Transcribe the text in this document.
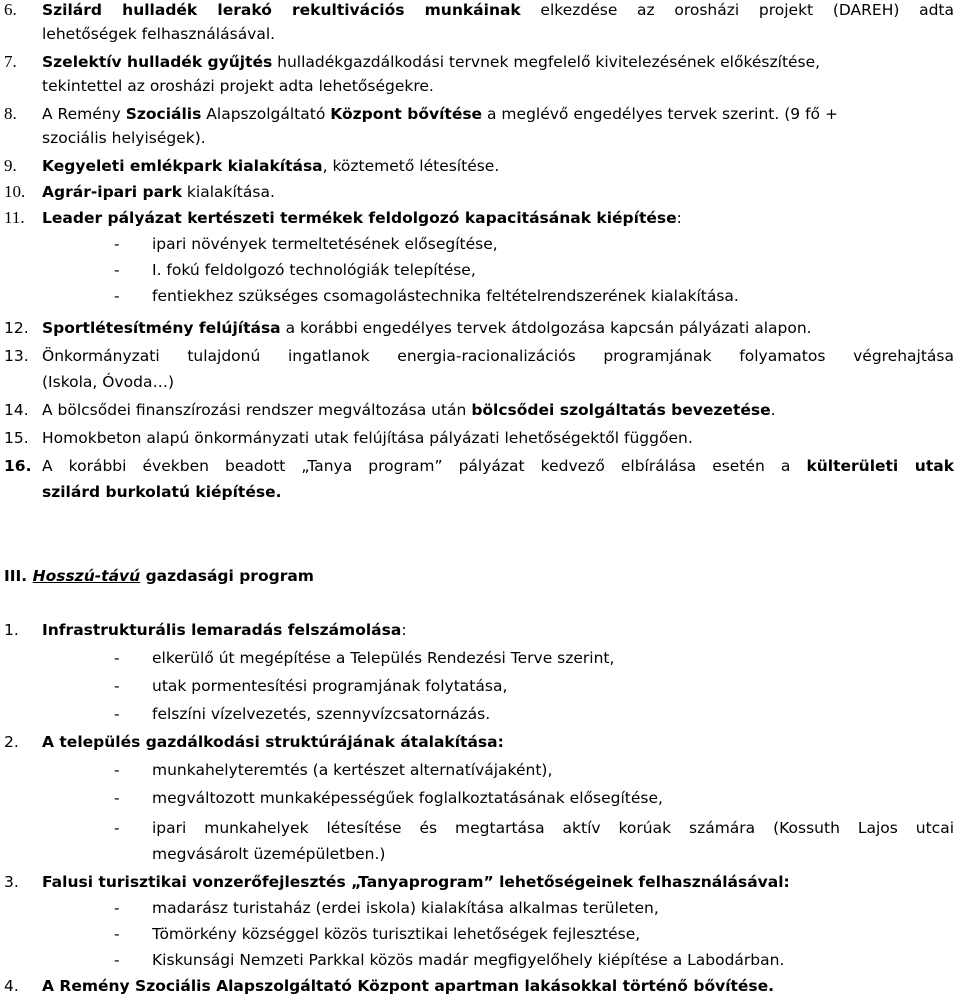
6. Szilárd hulladék lerakó rekultivációs munkáinak elkezdése az orosházi projekt (DAREH) adta
lehetőségek felhasználásával.
7. Szelektív hulladék gyűjtés hulladékgazdálkodási tervnek megfelelő kivitelezésének előkészítése,
tekintettel az orosházi projekt adta lehetőségekre.
8. A Remény Szociális Alapszolgáltató Központ bővítése a meglévő engedélyes tervek szerint. (9 fő +
szociális helyiségek).
9. Kegyeleti emlékpark kialakítása, köztemető létesítése.
10. Agrár-ipari park kialakítása.
11. Leader pályázat kertészeti termékek feldolgozó kapacitásának kiépítése:
- ipari növények termeltetésének elősegítése,
- I. fokú feldolgozó technológiák telepítése,
- fentiekhez szükséges csomagolástechnika feltételrendszerének kialakítása.
12. Sportlétesítmény felújítása a korábbi engedélyes tervek átdolgozása kapcsán pályázati alapon.
13. Önkormányzati tulajdonú ingatlanok energia-racionalizációs programjának folyamatos végrehajtása
(Iskola, Óvoda…)
14. A bölcsődei finanszírozási rendszer megváltozása után bölcsődei szolgáltatás bevezetése.
15. Homokbeton alapú önkormányzati utak felújítása pályázati lehetőségektől függően.
16. A korábbi években beadott „Tanya program” pályázat kedvező elbírálása esetén a külterületi utak
szilárd burkolatú kiépítése.
III. Hosszú-távú gazdasági program
1. Infrastrukturális lemaradás felszámolása:
- elkerülő út megépítése a Település Rendezési Terve szerint,
- utak pormentesítési programjának folytatása,
- felszíni vízelvezetés, szennyvízcsatornázás.
2. A település gazdálkodási struktúrájának átalakítása:
- munkahelyteremtés (a kertészet alternatívájaként),
- megváltozott munkaképességűek foglalkoztatásának elősegítése,
- ipari munkahelyek létesítése és megtartása aktív korúak számára (Kossuth Lajos utcai
megvásárolt üzemépületben.)
3. Falusi turisztikai vonzerőfejlesztés „Tanyaprogram” lehetőségeinek felhasználásával:
- madarász turistaház (erdei iskola) kialakítása alkalmas területen,
- Tömörkény községgel közös turisztikai lehetőségek fejlesztése,
- Kiskunsági Nemzeti Parkkal közös madár megfigyelőhely kiépítése a Labodárban.
4. A Remény Szociális Alapszolgáltató Központ apartman lakásokkal történő bővítése.
